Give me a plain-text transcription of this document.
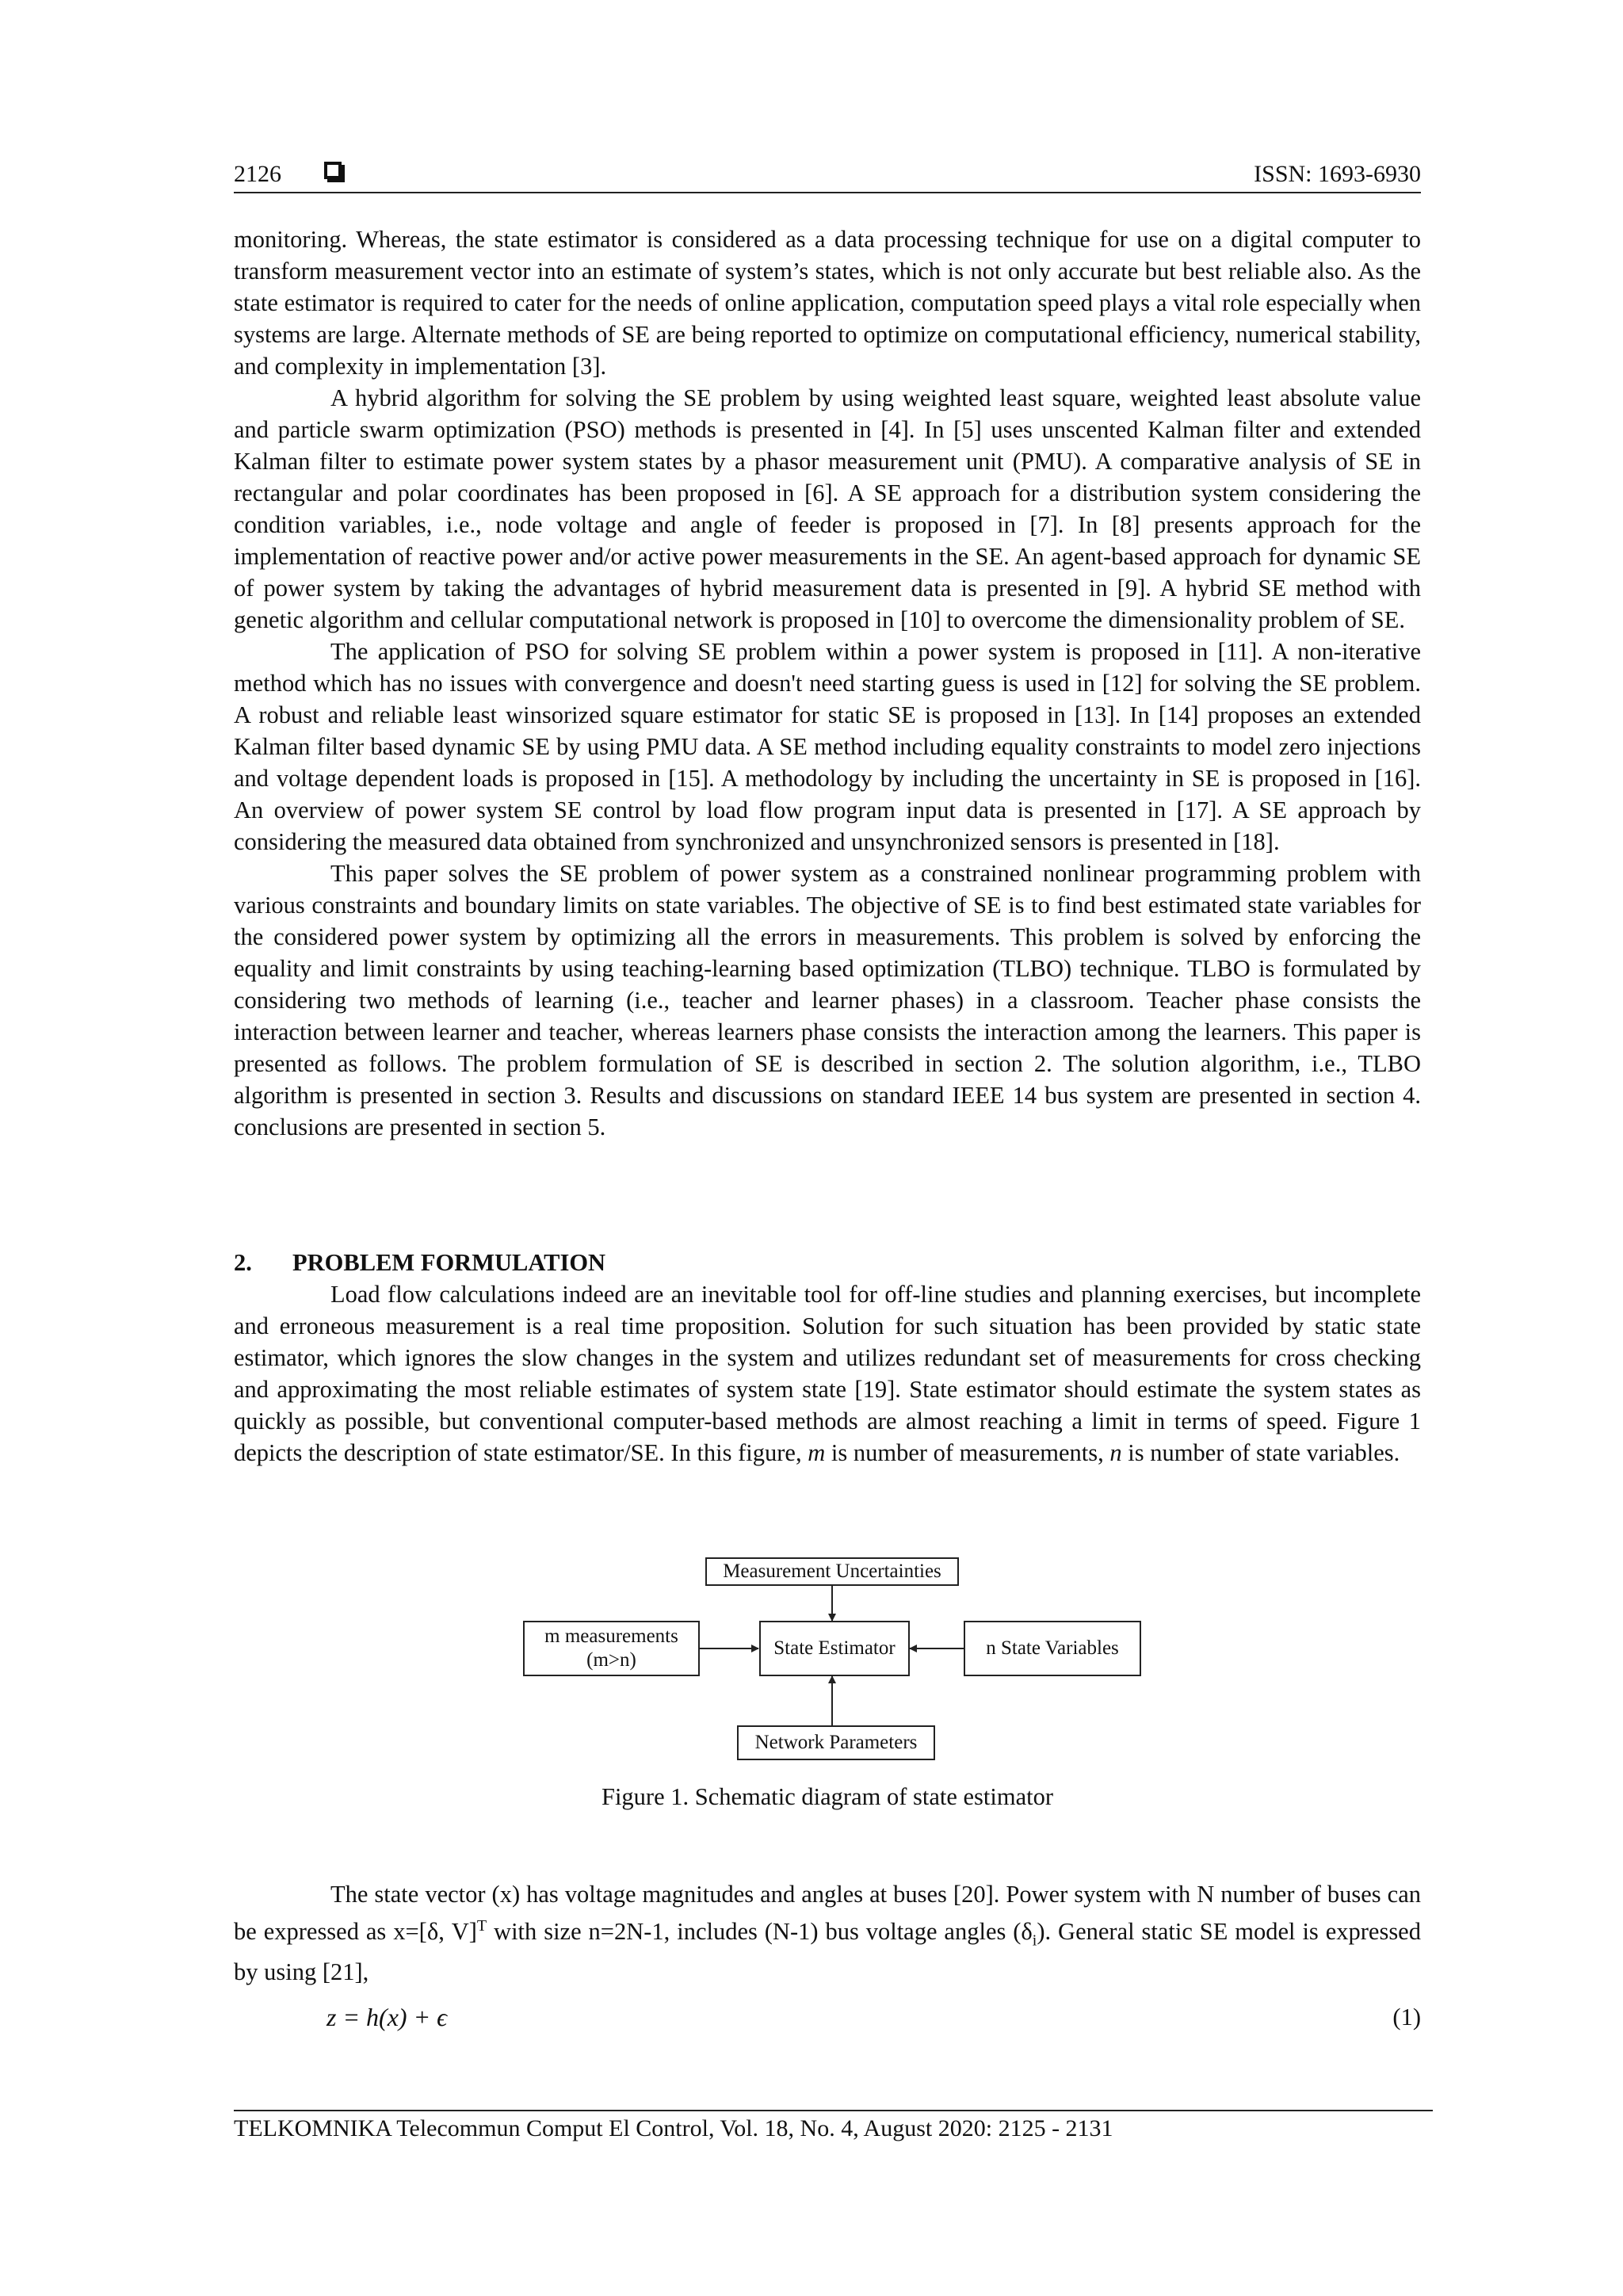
2126	ISSN: 1693-6930

monitoring. Whereas, the state estimator is considered as a data processing technique for use on a digital computer to transform measurement vector into an estimate of system’s states, which is not only accurate but best reliable also. As the state estimator is required to cater for the needs of online application, computation speed plays a vital role especially when systems are large. Alternate methods of SE are being reported to optimize on computational efficiency, numerical stability, and complexity in implementation [3].

A hybrid algorithm for solving the SE problem by using weighted least square, weighted least absolute value and particle swarm optimization (PSO) methods is presented in [4]. In [5] uses unscented Kalman filter and extended Kalman filter to estimate power system states by a phasor measurement unit (PMU). A comparative analysis of SE in rectangular and polar coordinates has been proposed in [6]. A SE approach for a distribution system considering the condition variables, i.e., node voltage and angle of feeder is proposed in [7]. In [8] presents approach for the implementation of reactive power and/or active power measurements in the SE. An agent-based approach for dynamic SE of power system by taking the advantages of hybrid measurement data is presented in [9]. A hybrid SE method with genetic algorithm and cellular computational network is proposed in [10] to overcome the dimensionality problem of SE.

The application of PSO for solving SE problem within a power system is proposed in [11]. A non-iterative method which has no issues with convergence and doesn't need starting guess is used in [12] for solving the SE problem. A robust and reliable least winsorized square estimator for static SE is proposed in [13]. In [14] proposes an extended Kalman filter based dynamic SE by using PMU data. A SE method including equality constraints to model zero injections and voltage dependent loads is proposed in [15]. A methodology by including the uncertainty in SE is proposed in [16]. An overview of power system SE control by load flow program input data is presented in [17]. A SE approach by considering the measured data obtained from synchronized and unsynchronized sensors is presented in [18].

This paper solves the SE problem of power system as a constrained nonlinear programming problem with various constraints and boundary limits on state variables. The objective of SE is to find best estimated state variables for the considered power system by optimizing all the errors in measurements. This problem is solved by enforcing the equality and limit constraints by using teaching-learning based optimization (TLBO) technique. TLBO is formulated by considering two methods of learning (i.e., teacher and learner phases) in a classroom. Teacher phase consists the interaction between learner and teacher, whereas learners phase consists the interaction among the learners. This paper is presented as follows. The problem formulation of SE is described in section 2. The solution algorithm, i.e., TLBO algorithm is presented in section 3. Results and discussions on standard IEEE 14 bus system are presented in section 4. conclusions are presented in section 5.

2. PROBLEM FORMULATION

Load flow calculations indeed are an inevitable tool for off-line studies and planning exercises, but incomplete and erroneous measurement is a real time proposition. Solution for such situation has been provided by static state estimator, which ignores the slow changes in the system and utilizes redundant set of measurements for cross checking and approximating the most reliable estimates of system state [19]. State estimator should estimate the system states as quickly as possible, but conventional computer-based methods are almost reaching a limit in terms of speed. Figure 1 depicts the description of state estimator/SE. In this figure, m is number of measurements, n is number of state variables.

Measurement Uncertainties
m measurements
(m>n)
State Estimator	n State Variables
Network Parameters
Figure 1. Schematic diagram of state estimator

The state vector (x) has voltage magnitudes and angles at buses [20]. Power system with N number of buses can be expressed as x=[δ, V]$^T$ with size n=2N-1, includes (N-1) bus voltage angles $(\delta_i)$. General static SE model is expressed by using [21],

z = h(x) + ϵ	(1)
TELKOMNIKA Telecommun Comput El Control, Vol. 18, No. 4, August 2020: 2125 - 2131
